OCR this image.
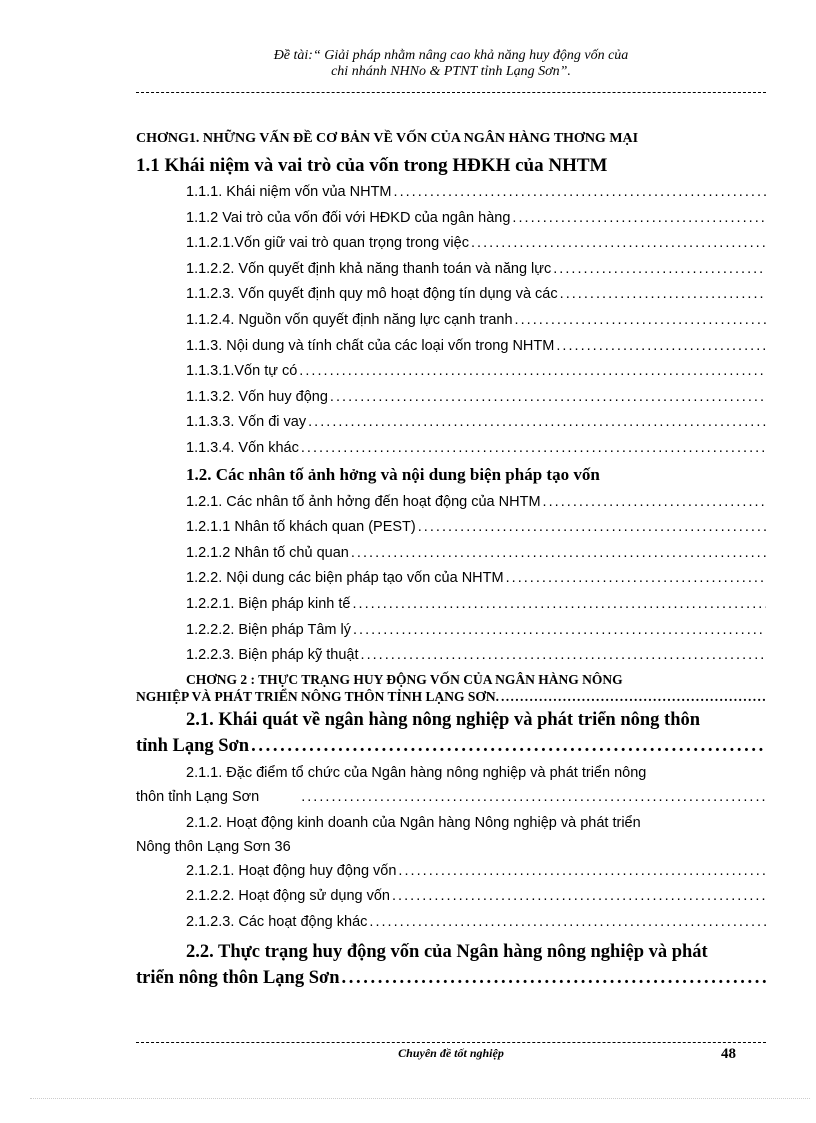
Đề tài:“ Giải pháp nhằm nâng cao khả năng huy động vốn của
chi nhánh NHNo & PTNT tỉnh Lạng Sơn”.
CHƠNG1. NHỮNG VẤN ĐỀ CƠ BẢN VỀ VỐN CỦA NGÂN HÀNG THƠNG MẠI
1.1 Khái niệm và vai trò của vốn trong HĐKH của NHTM
1.1.1. Khái niệm vốn vủa NHTM
. . .
1.1.2 Vai trò của vốn đối với HĐKD của ngân hàng
. . .
1.1.2.1.Vốn giữ vai trò quan trọng trong việc
. . .
1.1.2.2. Vốn quyết định khả năng thanh toán và năng lực
. . .
1.1.2.3. Vốn quyết định quy mô hoạt động tín dụng và các
. . .
1.1.2.4. Nguồn vốn quyết định năng lực cạnh tranh
. . .
1.1.3. Nội dung và tính chất của các loại vốn trong NHTM
. . .
1.1.3.1.Vốn tự có
. . .
1.1.3.2. Vốn huy động
. . .
1.1.3.3. Vốn đi vay
. . .
1.1.3.4. Vốn khác
. . .
1.2. Các nhân tố ảnh hởng và nội dung biện pháp tạo vốn
1.2.1. Các nhân tố ảnh hởng đến hoạt động của NHTM
. . .
1.2.1.1 Nhân tố khách quan (PEST)
. . .
1.2.1.2 Nhân tố chủ quan
. . .
1.2.2. Nội dung các biện pháp tạo vốn của NHTM
. . .
1.2.2.1. Biện pháp kinh tế
. . .
1.2.2.2. Biện pháp Tâm lý
. . .
1.2.2.3. Biện pháp kỹ thuật
. . .
CHƠNG 2 : THỰC TRẠNG HUY ĐỘNG VỐN CỦA NGÂN HÀNG NÔNG
NGHIỆP VÀ PHÁT TRIỂN NÔNG THÔN TỈNH LẠNG SƠN.
. . .
2.1. Khái quát về ngân hàng nông nghiệp và phát triển nông thôn
tỉnh Lạng Sơn
. . .
2.1.1. Đặc điểm tổ chức của Ngân hàng nông nghiệp và phát triển nông
thôn tỉnh Lạng Sơn
. . .
2.1.2. Hoạt động kinh doanh của Ngân hàng Nông nghiệp và phát triển
Nông thôn Lạng Sơn 36
2.1.2.1. Hoạt động huy động vốn
. . .
2.1.2.2. Hoạt động sử dụng vốn
. . .
2.1.2.3. Các hoạt động khác
. . .
2.2. Thực trạng huy động vốn của Ngân hàng nông nghiệp và phát
triển nông thôn Lạng Sơn
. . .
Chuyên đề tốt nghiệp	48
